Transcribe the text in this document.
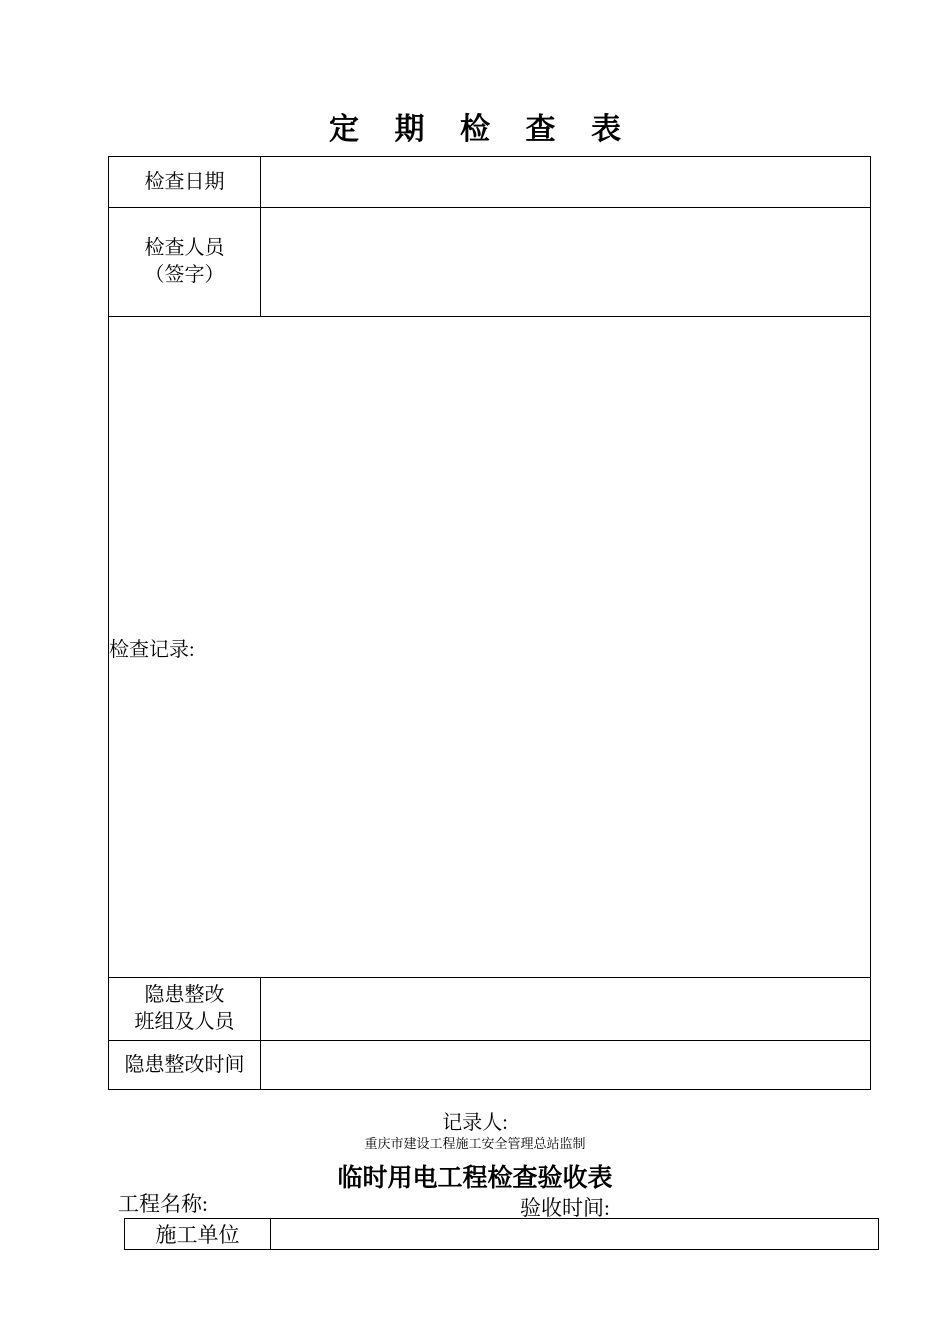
定 期 检 查 表
检查日期	

检查人员
（签字）	

检查记录:	

隐患整改
班组及人员	

隐患整改时间	
记录人:
重庆市建设工程施工安全管理总站监制
临时用电工程检查验收表
工程名称:	验收时间:
施工单位	
